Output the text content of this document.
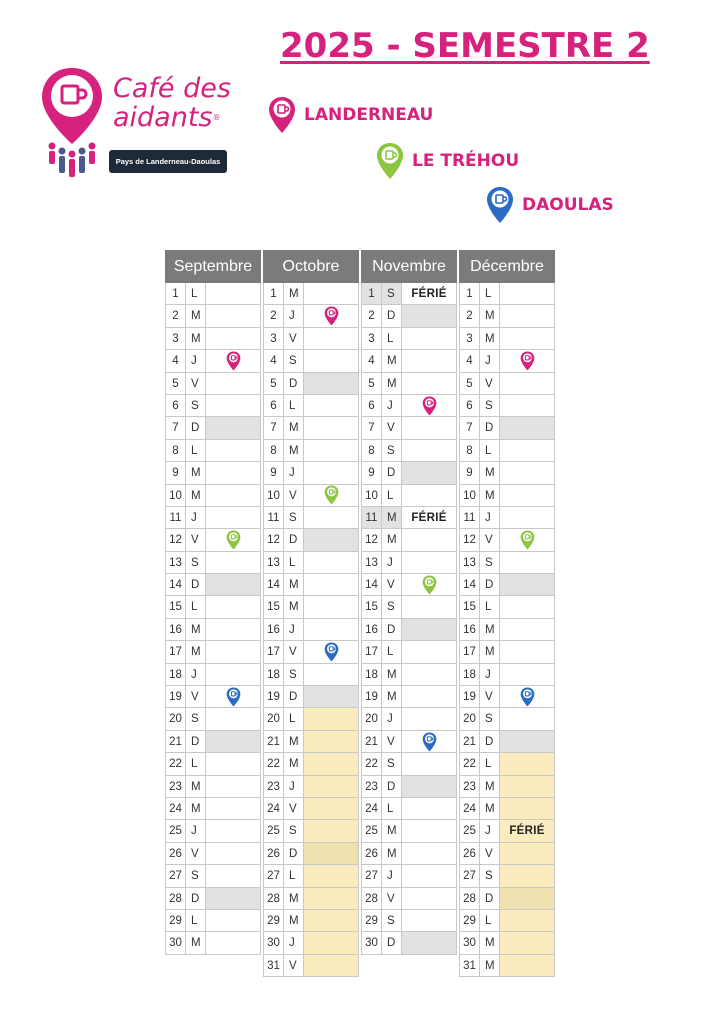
2025 - SEMESTRE 2
Café des
aidants®
Pays de Landerneau-Daoulas
LANDERNEAU
LE TRÉHOU
DAOULAS
Septembre
1	L
2	M
3	M
4	J
5	V
6	S
7	D
8	L
9	M
10 M
11 J
12 V
13 S
14 D
15 L
16 M
17 M
18 J
19 V
20 S
21 D
22 L
23 M
24 M
25 J
26 V
27 S
28 D
29 L
30 M
Octobre
1	M
2	J
3	V
4	S
5	D
6	L
7	M
8	M
9	J
10 V
11 S
12 D
13 L
14 M
15 M
16 J
17 V
18 S
19 D
20 L
21 M
22 M
23 J
24 V
25 S
26 D
27 L
28 M
29 M
30 J
31 V
Novembre
1	S	FÉRIÉ
2	D
3	L
4	M
5	M
6	J
7	V
8	S
9	D
10 L
11 M	FÉRIÉ
12 M
13 J
14 V
15 S
16 D
17 L
18 M
19 M
20 J
21 V
22 S
23 D
24 L
25 M
26 M
27 J
28 V
29 S
30 D
Décembre
1	L
2	M
3	M
4	J
5	V
6	S
7	D
8	L
9	M
10 M
11 J
12 V
13 S
14 D
15 L
16 M
17 M
18 J
19 V
20 S
21 D
22 L
23 M
24 M
25 J	FÉRIÉ
26 V
27 S
28 D
29 L
30 M
31 M
